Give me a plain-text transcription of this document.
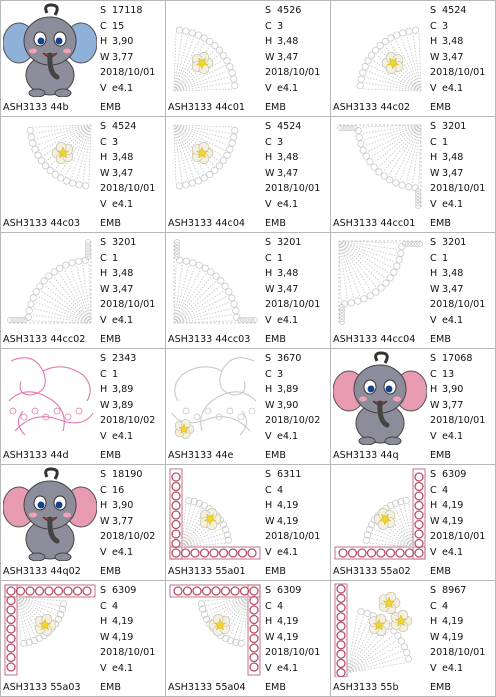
S 17118
C 15
H 3,90
W 3,77
2018/10/01
V e4.1
ASH3133 44b	EMB
S 4526
C 3
H 3,48
W 3,47
2018/10/01
V e4.1
ASH3133 44c01 EMB
S 4524
C 3
H 3,48
W 3,47
2018/10/01
V e4.1
ASH3133 44c02 EMB
S 4524
C 3
H 3,48
W 3,47
2018/10/01
V e4.1
ASH3133 44c03 EMB
S 4524
C 3
H 3,48
W 3,47
2018/10/01
V e4.1
ASH3133 44c04 EMB
S 3201
C 1
H 3,48
W 3,47
2018/10/01
V e4.1
ASH3133 44cc01 EMB
S 3201
C 1
H 3,48
W 3,47
2018/10/01
V e4.1
ASH3133 44cc02 EMB
S 3201
C 1
H 3,48
W 3,47
2018/10/01
V e4.1
ASH3133 44cc03 EMB
S 3201
C 1
H 3,48
W 3,47
2018/10/01
V e4.1
ASH3133 44cc04 EMB
S 2343
C 1
H 3,89
W 3,89
2018/10/02
V e4.1
ASH3133 44d	EMB
S 3670
C 3
H 3,89
W 3,90
2018/10/02
V e4.1
ASH3133 44e	EMB
S 17068
C 13
H 3,90
W 3,77
2018/10/01
V e4.1
ASH3133 44q	EMB
S 18190
C 16
H 3,90
W 3,77
2018/10/02
V e4.1
ASH3133 44q02 EMB
S 6311
C 4
H 4,19
W 4,19
2018/10/01
V e4.1
ASH3133 55a01 EMB
S 6309
C 4
H 4,19
W 4,19
2018/10/01
V e4.1
ASH3133 55a02 EMB
S 6309
C 4
H 4,19
W 4,19
2018/10/01
V e4.1
ASH3133 55a03 EMB
S 6309
C 4
H 4,19
W 4,19
2018/10/01
V e4.1
ASH3133 55a04 EMB
S 8967
C 4
H 4,19
W 4,19
2018/10/01
V e4.1
ASH3133 55b	EMB
